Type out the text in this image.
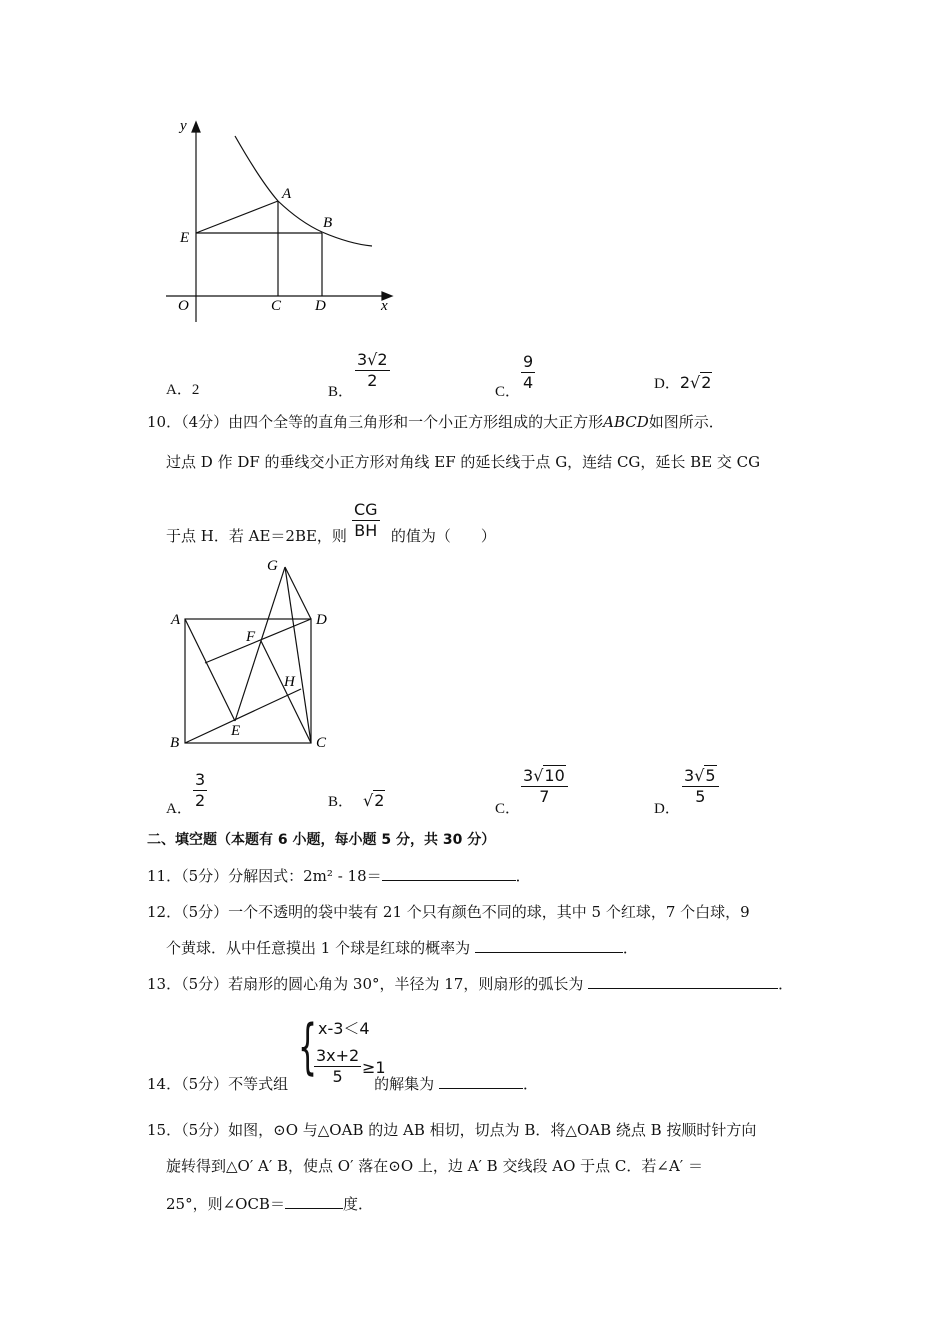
y
x
O
A
B
C D
E
A．2	B．
$\frac{3√2}{2}$
C． $\frac{9}{4}$	D．2√2
10．（4分）由四个全等的直角三角形和一个小正方形组成的大正方形ABCD如图所示．
过点 D 作 DF 的垂线交小正方形对角线 EF 的延长线于点 G，连结 CG，延长 BE 交 CG
于点 H．若 AE＝2BE，则	的值为（　　）
$\frac{CG}{BH}$
A
B	C
D
E
F
G
H
A． $\frac{3}{2}$	B． √2	C．
$\frac{3√10}{7}$
D．
$\frac{3√5}{5}$
二、填空题（本题有 6 小题，每小题 5 分，共 30 分）
11．（5分）分解因式：2m² - 18＝	．
12．（5分）一个不透明的袋中装有 21 个只有颜色不同的球，其中 5 个红球，7 个白球，9
个黄球．从中任意摸出 1 个球是红球的概率为	．
13．（5分）若扇形的圆心角为 30°，半径为 17，则扇形的弧长为	．
14．（5分）不等式组	的解集为	．
{ x-3＜4
$\frac{3x+2}{5} \ge 1$
15．（5分）如图，⊙O 与△OAB 的边 AB 相切，切点为 B．将△OAB 绕点 B 按顺时针方向
旋转得到△O′ A′ B，使点 O′ 落在⊙O 上，边 A′ B 交线段 AO 于点 C．若∠A′ ＝
25°，则∠OCB＝	度．
